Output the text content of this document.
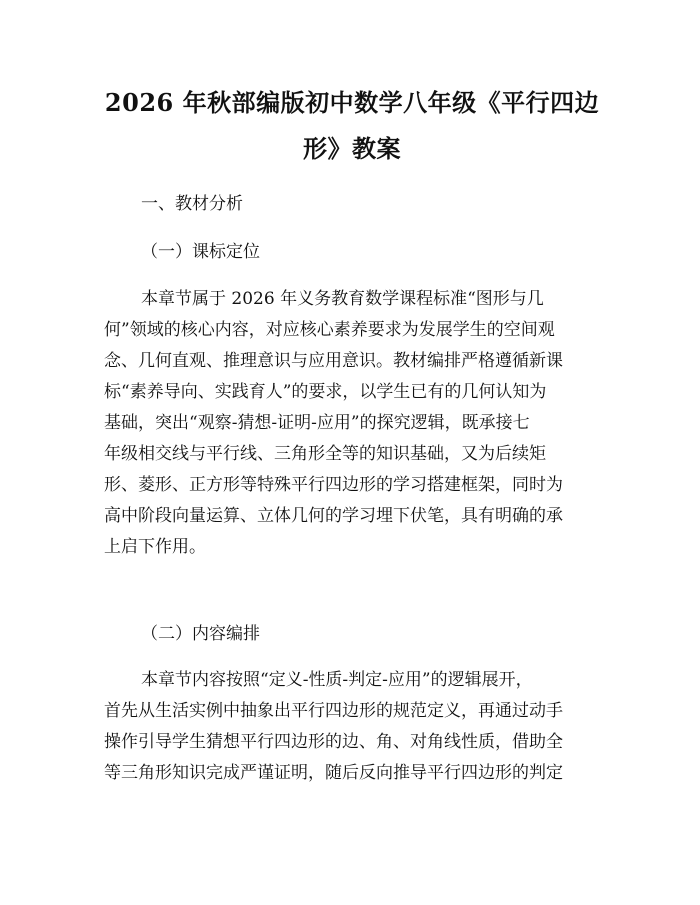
2026 年秋部编版初中数学八年级《平行四边
形》教案

一、教材分析

（一）课标定位

本章节属于 2026 年义务教育数学课程标准“图形与几
何”领域的核心内容，对应核心素养要求为发展学生的空间观
念、几何直观、推理意识与应用意识。教材编排严格遵循新课
标“素养导向、实践育人”的要求，以学生已有的几何认知为
基础，突出“观察-猜想-证明-应用”的探究逻辑，既承接七
年级相交线与平行线、三角形全等的知识基础，又为后续矩
形、菱形、正方形等特殊平行四边形的学习搭建框架，同时为
高中阶段向量运算、立体几何的学习埋下伏笔，具有明确的承
上启下作用。

（二）内容编排

本章节内容按照“定义-性质-判定-应用”的逻辑展开，
首先从生活实例中抽象出平行四边形的规范定义，再通过动手
操作引导学生猜想平行四边形的边、角、对角线性质，借助全
等三角形知识完成严谨证明，随后反向推导平行四边形的判定
